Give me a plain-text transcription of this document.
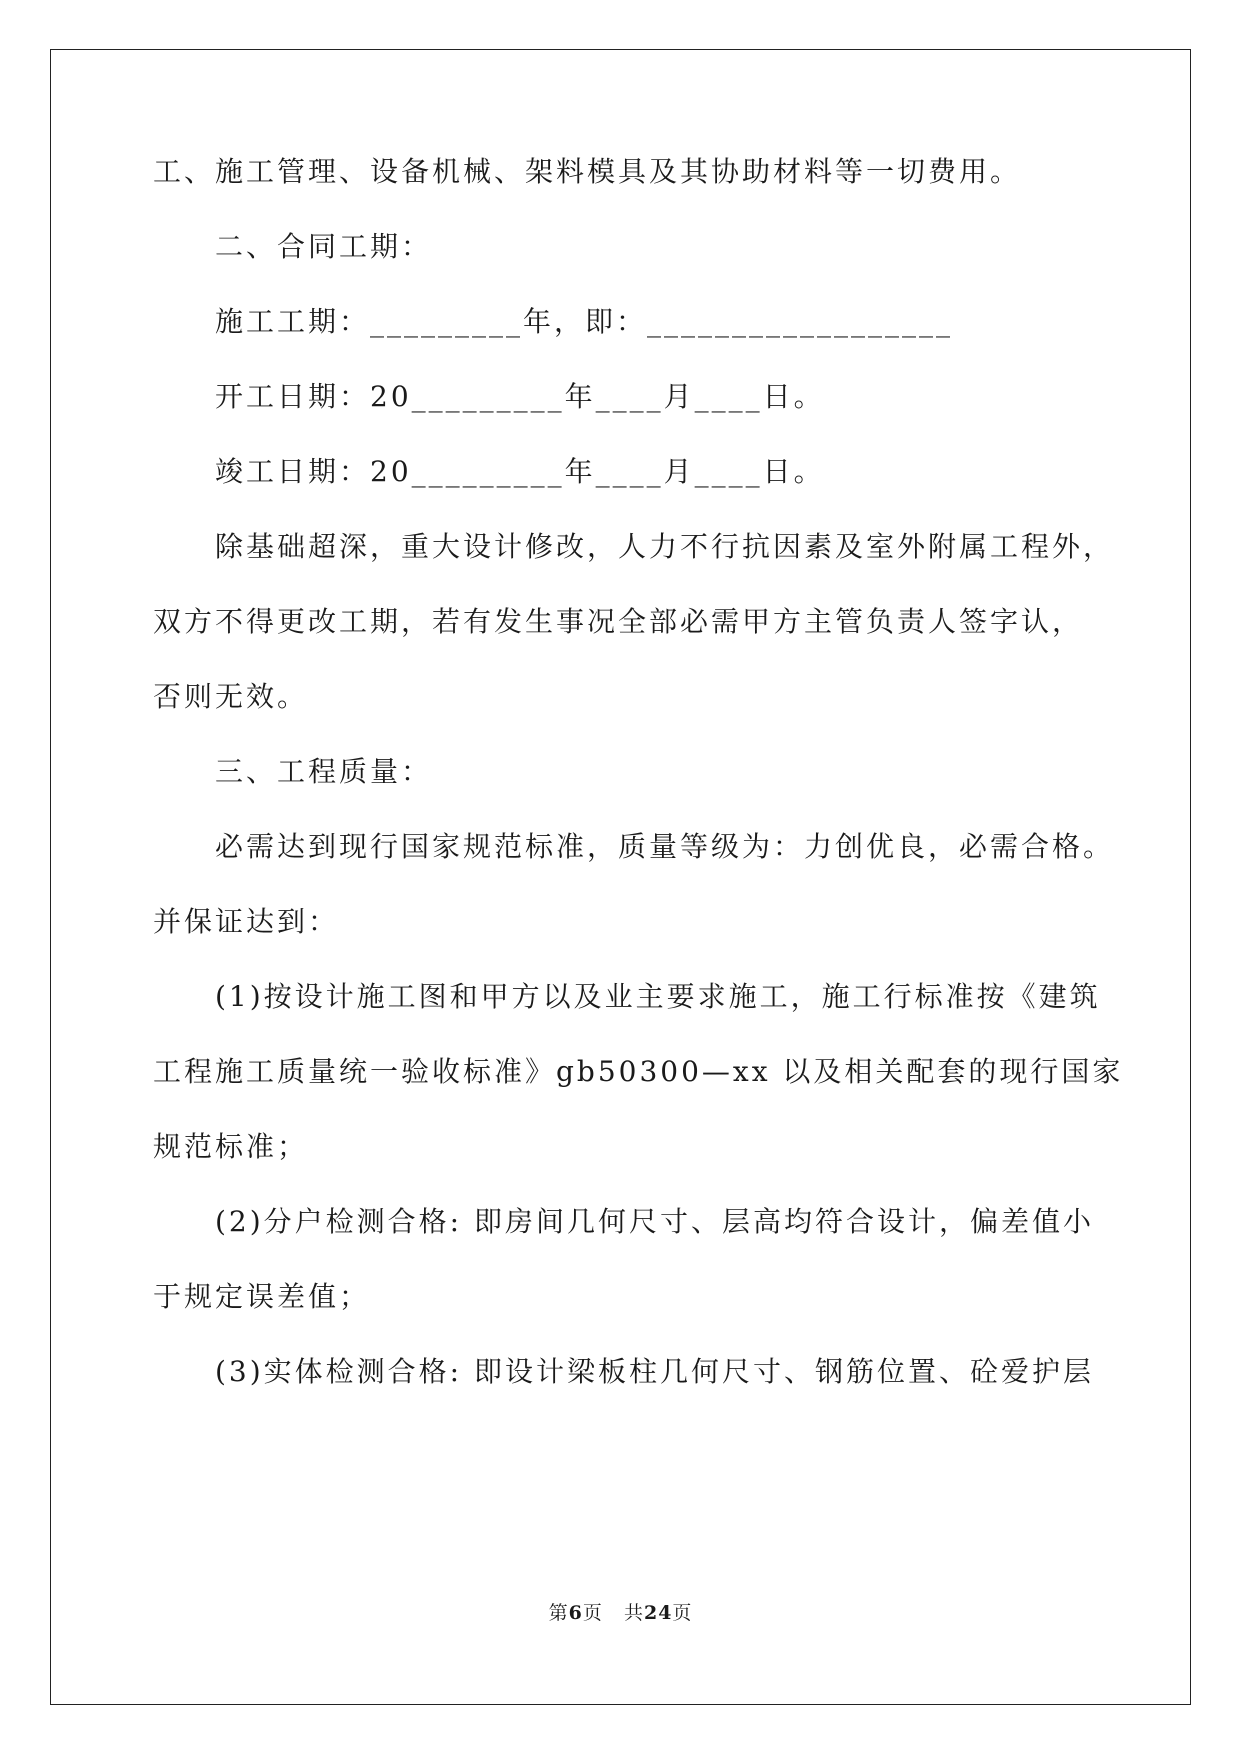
工、施工管理、设备机械、架料模具及其协助材料等一切费用。
二、合同工期：
施工工期：_________年，即：__________________
开工日期：20_________年____月____日。
竣工日期：20_________年____月____日。
除基础超深，重大设计修改，人力不行抗因素及室外附属工程外，
双方不得更改工期，若有发生事况全部必需甲方主管负责人签字认，
否则无效。
三、工程质量：
必需达到现行国家规范标准，质量等级为：力创优良，必需合格。
并保证达到：
(1)按设计施工图和甲方以及业主要求施工，施工行标准按《建筑
工程施工质量统一验收标准》gb50300—xx 以及相关配套的现行国家
规范标准；
(2)分户检测合格: 即房间几何尺寸、层高均符合设计，偏差值小
于规定误差值；
(3)实体检测合格: 即设计梁板柱几何尺寸、钢筋位置、砼爱护层
第6页 共24页
